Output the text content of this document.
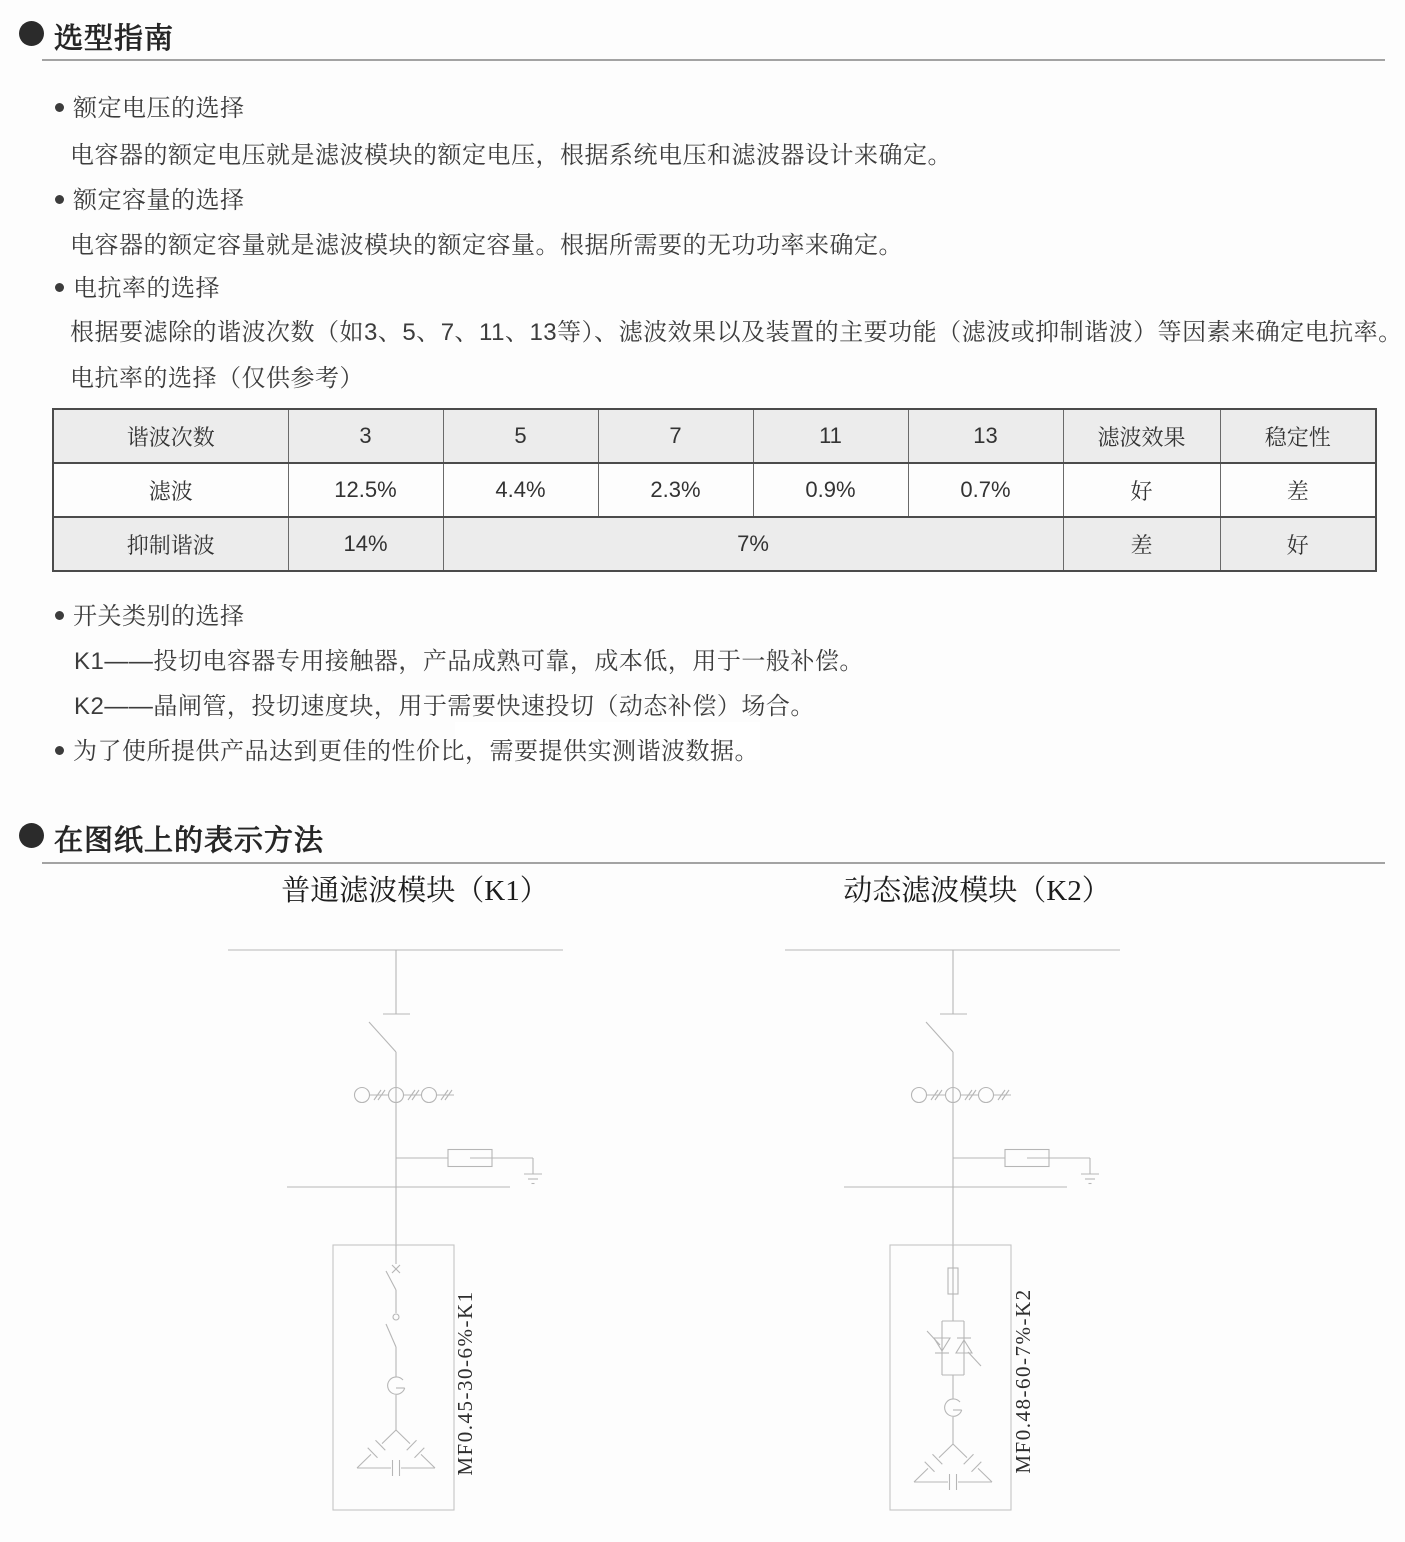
选型指南
额定电压的选择
电容器的额定电压就是滤波模块的额定电压，根据系统电压和滤波器设计来确定。
额定容量的选择
电容器的额定容量就是滤波模块的额定容量。根据所需要的无功功率来确定。
电抗率的选择
根据要滤除的谐波次数（如3、5、7、11、13等）、滤波效果以及装置的主要功能（滤波或抑制谐波）等因素来确定电抗率。
电抗率的选择（仅供参考）
谐波次数	3	5	7	11	13	滤波效果	稳定性
滤波	12.5%	4.4%	2.3%	0.9%	0.7%	好	差
抑制谐波	14%	7%				差	好
开关类别的选择
K1——投切电容器专用接触器，产品成熟可靠，成本低，用于一般补偿。
K2——晶闸管，投切速度块，用于需要快速投切（动态补偿）场合。
为了使所提供产品达到更佳的性价比，需要提供实测谐波数据。
在图纸上的表示方法
普通滤波模块（K1）	动态滤波模块（K2）
MF0.45-30-6%-K1	MF0.48-60-7%-K2
